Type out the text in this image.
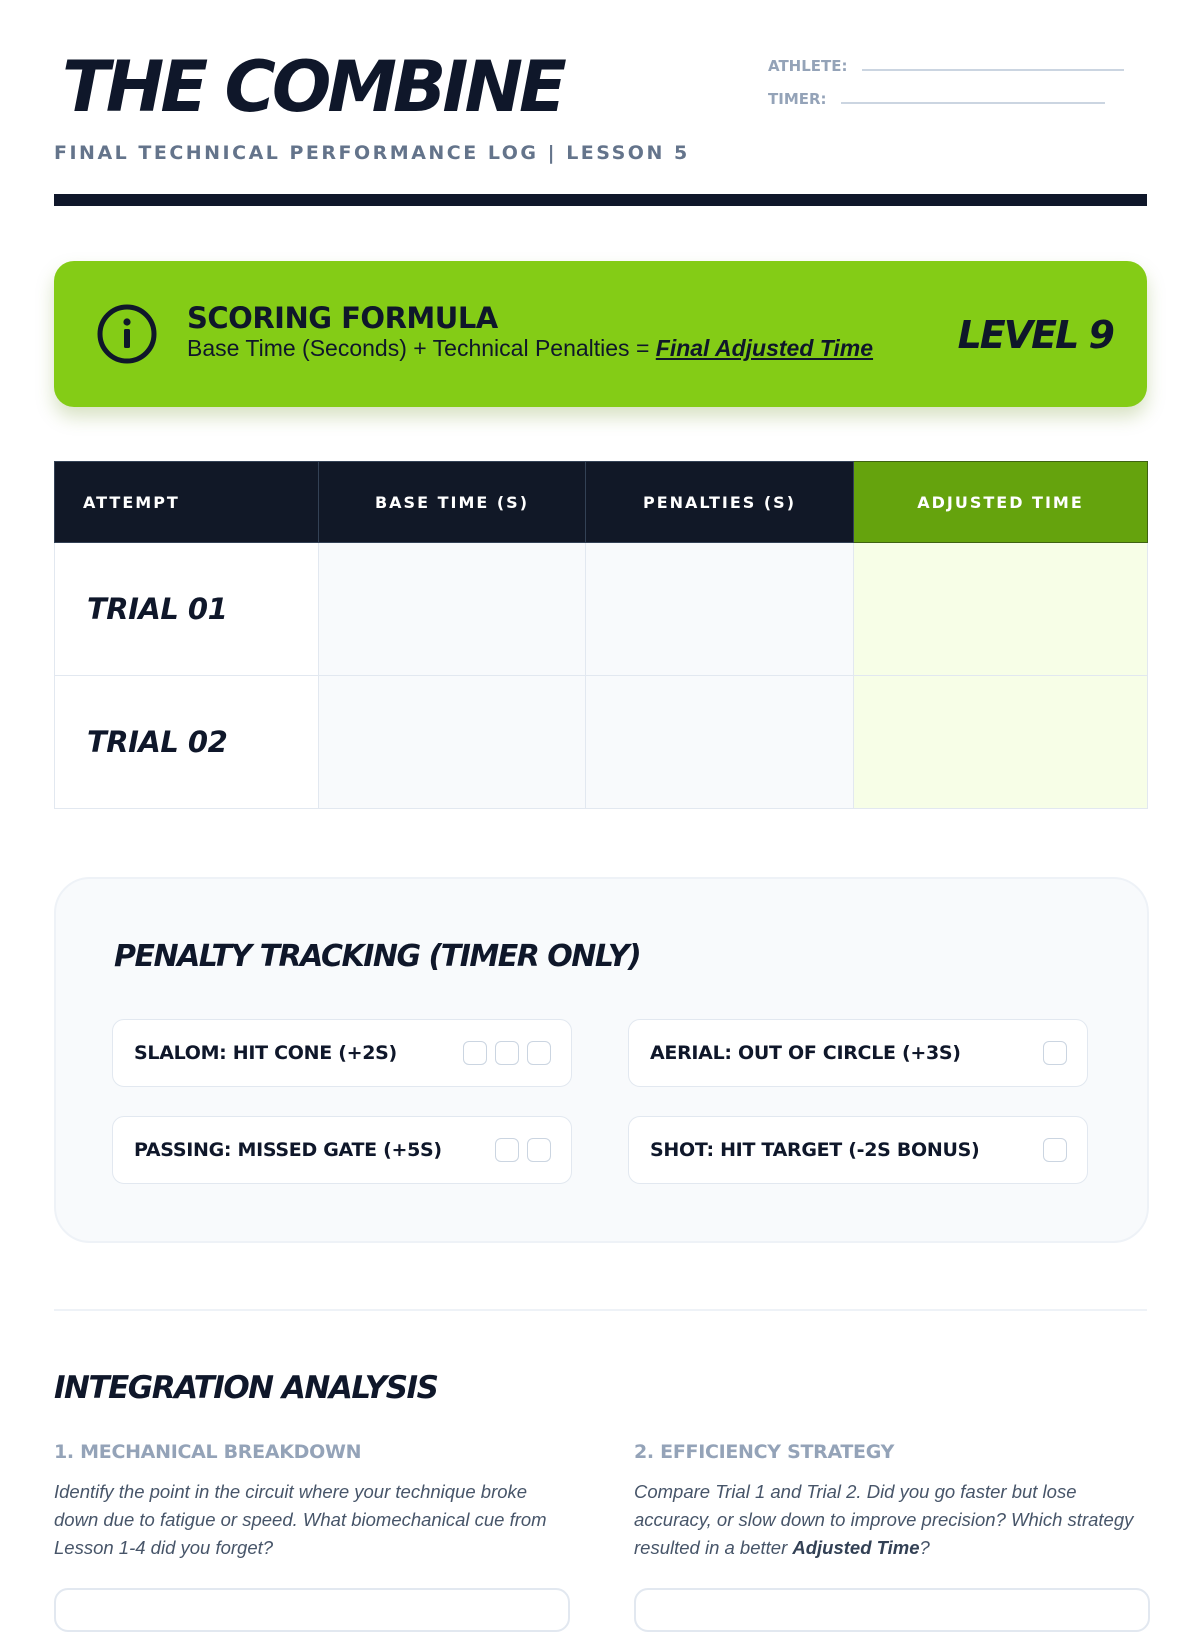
THE COMBINE
FINAL TECHNICAL PERFORMANCE LOG | LESSON 5
ATHLETE:
TIMER:
SCORING FORMULA
Base Time (Seconds) + Technical Penalties = Final Adjusted Time LEVEL 9
ATTEMPT	BASE TIME (S)	PENALTIES (S)	ADJUSTED TIME
TRIAL 01			
TRIAL 02			
PENALTY TRACKING (TIMER ONLY)
SLALOM: HIT CONE (+2S)	AERIAL: OUT OF CIRCLE (+3S)
PASSING: MISSED GATE (+5S)	SHOT: HIT TARGET (-2S BONUS)
INTEGRATION ANALYSIS
1. MECHANICAL BREAKDOWN
Identify the point in the circuit where your technique broke down due to fatigue or speed. What biomechanical cue from Lesson 1-4 did you forget?
2. EFFICIENCY STRATEGY
Compare Trial 1 and Trial 2. Did you go faster but lose accuracy, or slow down to improve precision? Which strategy resulted in a better Adjusted Time?
